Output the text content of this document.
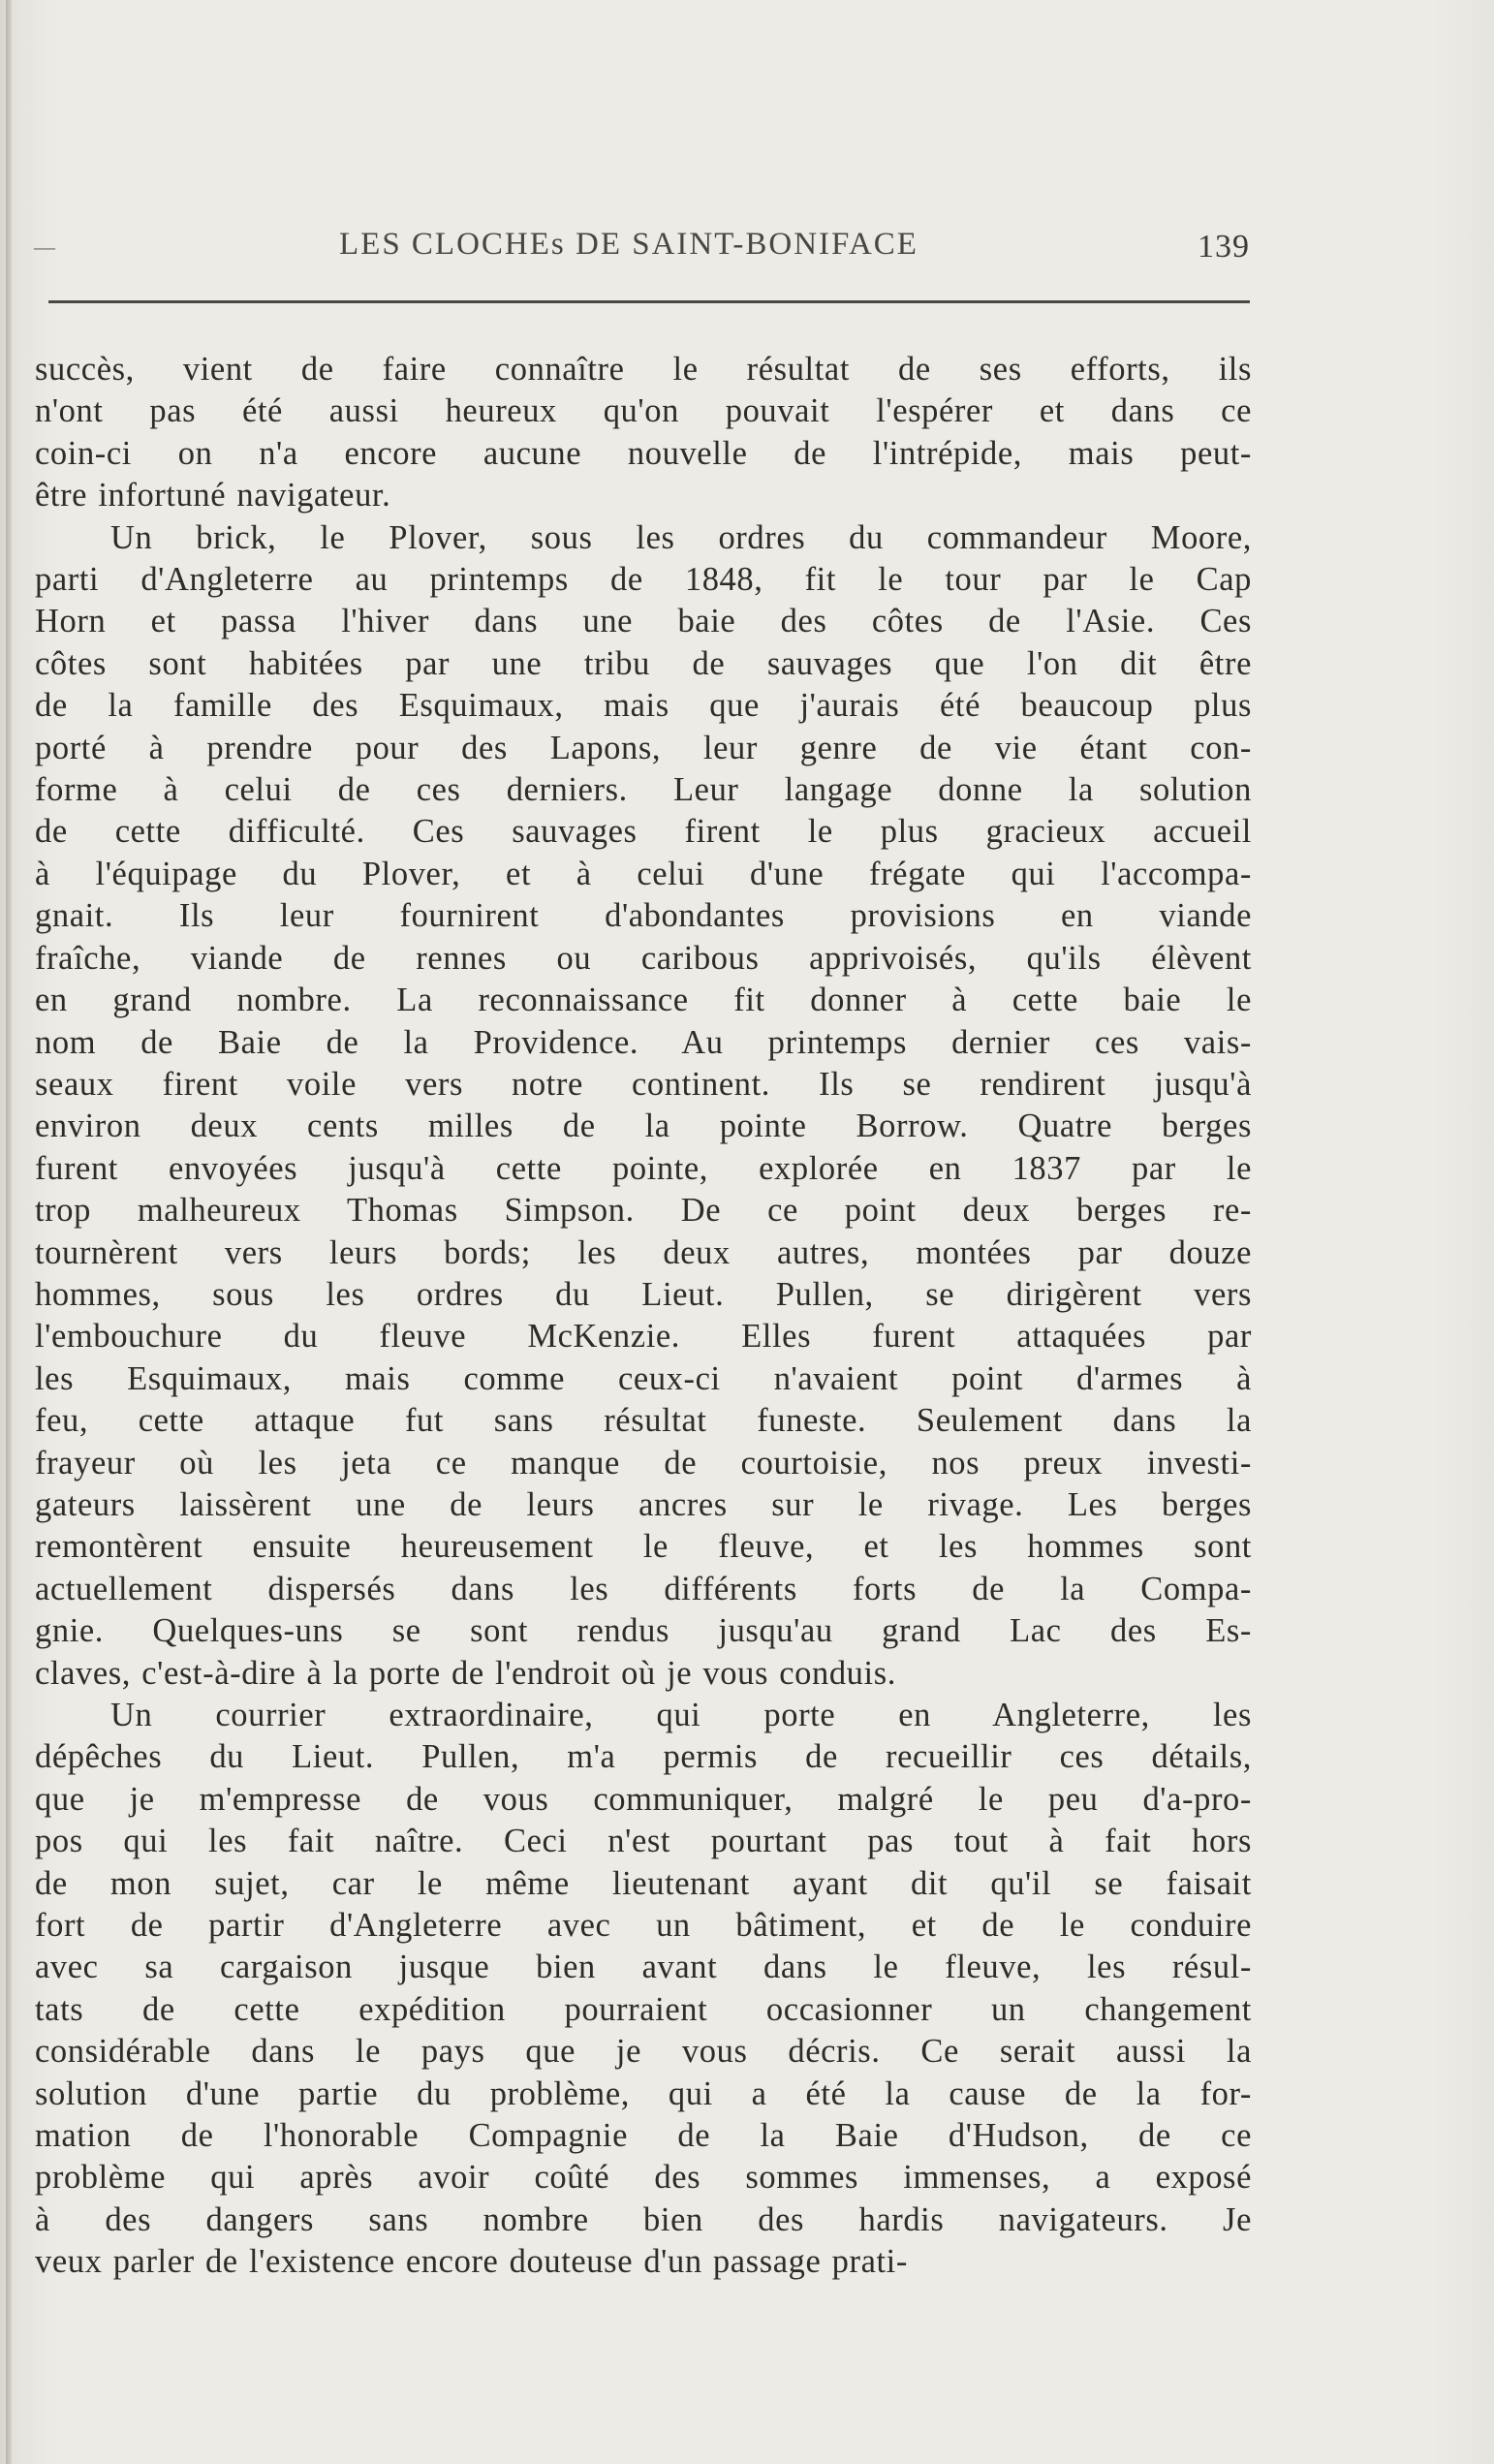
—	LES CLOCHEs DE SAINT-BONIFACE	139
succès, vient de faire connaître le résultat de ses efforts, ils
n'ont pas été aussi heureux qu'on pouvait l'espérer et dans ce
coin-ci on n'a encore aucune nouvelle de l'intrépide, mais peut-
être infortuné navigateur.
Un brick, le Plover, sous les ordres du commandeur Moore,
parti d'Angleterre au printemps de 1848, fit le tour par le Cap
Horn et passa l'hiver dans une baie des côtes de l'Asie. Ces
côtes sont habitées par une tribu de sauvages que l'on dit être
de la famille des Esquimaux, mais que j'aurais été beaucoup plus
porté à prendre pour des Lapons, leur genre de vie étant con-
forme à celui de ces derniers. Leur langage donne la solution
de cette difficulté. Ces sauvages firent le plus gracieux accueil
à l'équipage du Plover, et à celui d'une frégate qui l'accompa-
gnait. Ils leur fournirent d'abondantes provisions en viande
fraîche, viande de rennes ou caribous apprivoisés, qu'ils élèvent
en grand nombre. La reconnaissance fit donner à cette baie le
nom de Baie de la Providence. Au printemps dernier ces vais-
seaux firent voile vers notre continent. Ils se rendirent jusqu'à
environ deux cents milles de la pointe Borrow. Quatre berges
furent envoyées jusqu'à cette pointe, explorée en 1837 par le
trop malheureux Thomas Simpson. De ce point deux berges re-
tournèrent vers leurs bords; les deux autres, montées par douze
hommes, sous les ordres du Lieut. Pullen, se dirigèrent vers
l'embouchure du fleuve McKenzie. Elles furent attaquées par
les Esquimaux, mais comme ceux-ci n'avaient point d'armes à
feu, cette attaque fut sans résultat funeste. Seulement dans la
frayeur où les jeta ce manque de courtoisie, nos preux investi-
gateurs laissèrent une de leurs ancres sur le rivage. Les berges
remontèrent ensuite heureusement le fleuve, et les hommes sont
actuellement dispersés dans les différents forts de la Compa-
gnie. Quelques-uns se sont rendus jusqu'au grand Lac des Es-
claves, c'est-à-dire à la porte de l'endroit où je vous conduis.
Un courrier extraordinaire, qui porte en Angleterre, les
dépêches du Lieut. Pullen, m'a permis de recueillir ces détails,
que je m'empresse de vous communiquer, malgré le peu d'a-pro-
pos qui les fait naître. Ceci n'est pourtant pas tout à fait hors
de mon sujet, car le même lieutenant ayant dit qu'il se faisait
fort de partir d'Angleterre avec un bâtiment, et de le conduire
avec sa cargaison jusque bien avant dans le fleuve, les résul-
tats de cette expédition pourraient occasionner un changement
considérable dans le pays que je vous décris. Ce serait aussi la
solution d'une partie du problème, qui a été la cause de la for-
mation de l'honorable Compagnie de la Baie d'Hudson, de ce
problème qui après avoir coûté des sommes immenses, a exposé
à des dangers sans nombre bien des hardis navigateurs. Je
veux parler de l'existence encore douteuse d'un passage prati-
